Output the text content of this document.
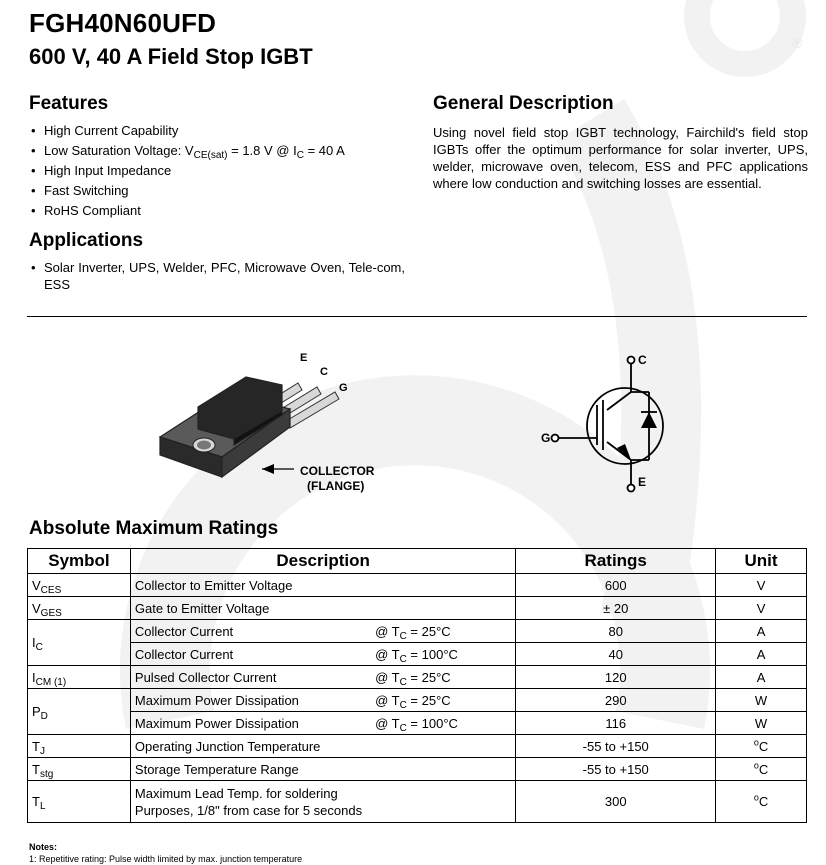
®
FGH40N60UFD
600 V, 40 A Field Stop IGBT
Features
• High Current Capability
• Low Saturation Voltage: $V_{CE(sat)} = 1.8$ V @ $I_C = 40$ A
• High Input Impedance
• Fast Switching
• RoHS Compliant
Applications
• Solar Inverter, UPS, Welder, PFC, Microwave Oven, Tele-com, ESS
General Description

Using novel field stop IGBT technology, Fairchild's field stop IGBTs offer the optimum performance for solar inverter, UPS, welder, microwave oven, telecom, ESS and PFC applications where low conduction and switching losses are essential.

E
C
G
COLLECTOR
(FLANGE)
C
G
E
Absolute Maximum Ratings
Symbol	Description		Ratings	Unit
$V_{CES}$	Collector to Emitter Voltage		600	V
$V_{GES}$	Gate to Emitter Voltage		± 20	V
$I_C$	Collector Current	@ $T_C = 25^\circ C$	80	A
	Collector Current	@ $T_C = 100^\circ C$	40	A
$I_{CM (1)}$	Pulsed Collector Current	@ $T_C = 25^\circ C$	120	A
$P_D$	Maximum Power Dissipation	@ $T_C = 25^\circ C$	290	W
	Maximum Power Dissipation	@ $T_C = 100^\circ C$	116	W
$T_J$	Operating Junction Temperature		-55 to +150	$^o$C
$T_{stg}$	Storage Temperature Range		-55 to +150	$^o$C
$T_L$	Maximum Lead Temp. for soldering
Purposes, 1/8" from case for 5 seconds		300	$^o$C
Notes:
1: Repetitive rating: Pulse width limited by max. junction temperature
